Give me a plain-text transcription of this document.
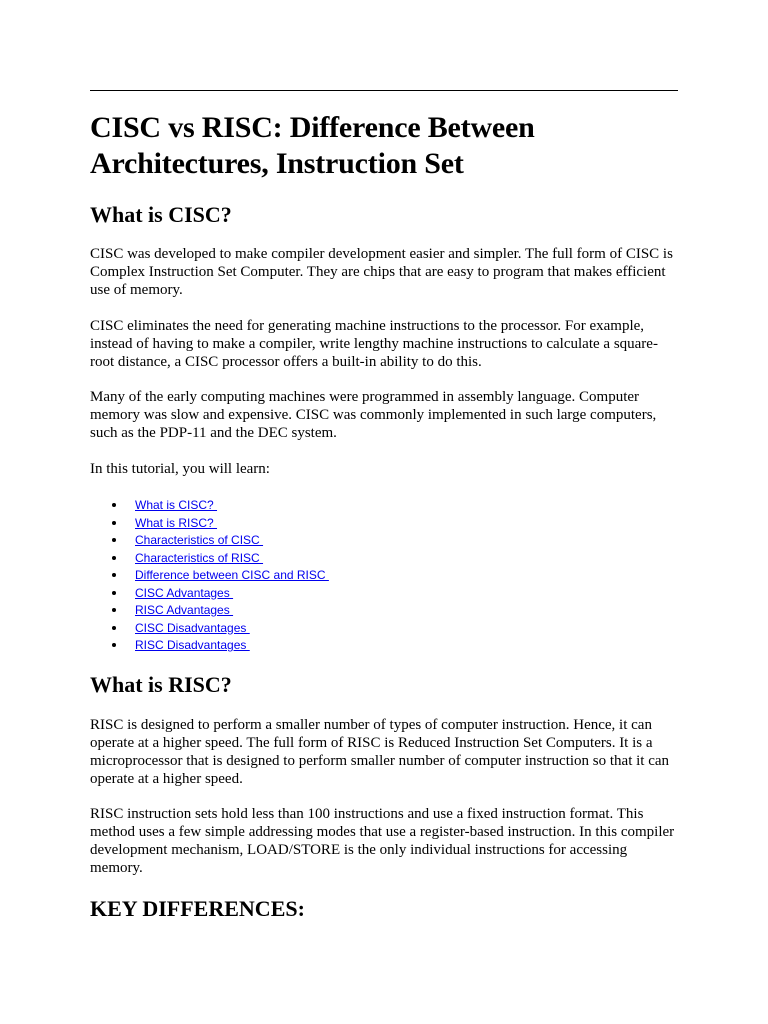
CISC vs RISC: Difference Between Architectures, Instruction Set
What is CISC?

CISC was developed to make compiler development easier and simpler. The full form of CISC is Complex Instruction Set Computer. They are chips that are easy to program that makes efficient use of memory.

CISC eliminates the need for generating machine instructions to the processor. For example, instead of having to make a compiler, write lengthy machine instructions to calculate a square-root distance, a CISC processor offers a built-in ability to do this.

Many of the early computing machines were programmed in assembly language. Computer memory was slow and expensive. CISC was commonly implemented in such large computers, such as the PDP-11 and the DEC system.

In this tutorial, you will learn:

What is CISC?
What is RISC?
Characteristics of CISC
Characteristics of RISC
Difference between CISC and RISC
CISC Advantages
RISC Advantages
CISC Disadvantages
RISC Disadvantages
What is RISC?

RISC is designed to perform a smaller number of types of computer instruction. Hence, it can operate at a higher speed. The full form of RISC is Reduced Instruction Set Computers. It is a microprocessor that is designed to perform smaller number of computer instruction so that it can operate at a higher speed.

RISC instruction sets hold less than 100 instructions and use a fixed instruction format. This method uses a few simple addressing modes that use a register-based instruction. In this compiler development mechanism, LOAD/STORE is the only individual instructions for accessing memory.

KEY DIFFERENCES:
